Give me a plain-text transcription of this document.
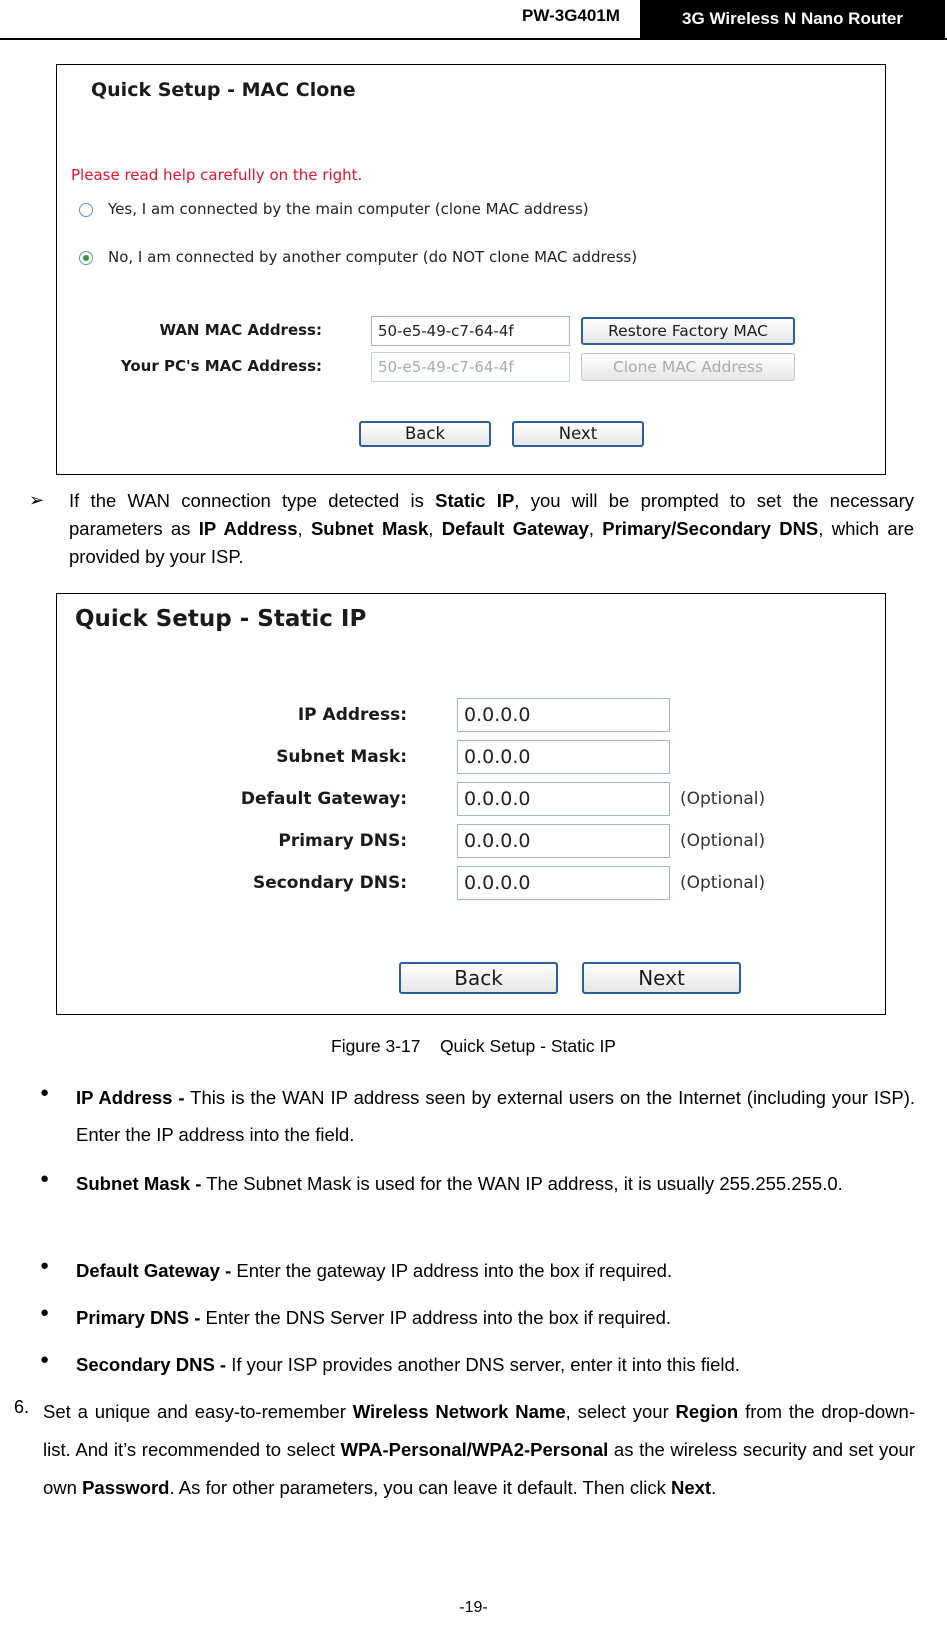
PW-3G401M	3G Wireless N Nano Router
Quick Setup - MAC Clone
Please read help carefully on the right.
Yes, I am connected by the main computer (clone MAC address)
No, I am connected by another computer (do NOT clone MAC address)
WAN MAC Address:	50-e5-49-c7-64-4f	Restore Factory MAC
Your PC's MAC Address:	50-e5-49-c7-64-4f	Clone MAC Address
Back	Next
➢ If the WAN connection type detected is Static IP, you will be prompted to set the necessary parameters as IP Address, Subnet Mask, Default Gateway, Primary/Secondary DNS, which are provided by your ISP.
Quick Setup - Static IP
IP Address:	0.0.0.0
Subnet Mask:	0.0.0.0
Default Gateway:	0.0.0.0	(Optional)
Primary DNS:	0.0.0.0	(Optional)
Secondary DNS:	0.0.0.0	(Optional)
Back	Next
Figure 3-17    Quick Setup - Static IP
● IP Address - This is the WAN IP address seen by external users on the Internet (including your ISP). Enter the IP address into the field.
● Subnet Mask - The Subnet Mask is used for the WAN IP address, it is usually 255.255.255.0.
● Default Gateway - Enter the gateway IP address into the box if required.
● Primary DNS - Enter the DNS Server IP address into the box if required.
● Secondary DNS - If your ISP provides another DNS server, enter it into this field.
6. Set a unique and easy-to-remember Wireless Network Name, select your Region from the drop-down-list. And it’s recommended to select WPA-Personal/WPA2-Personal as the wireless security and set your own Password. As for other parameters, you can leave it default. Then click Next.
-19-
